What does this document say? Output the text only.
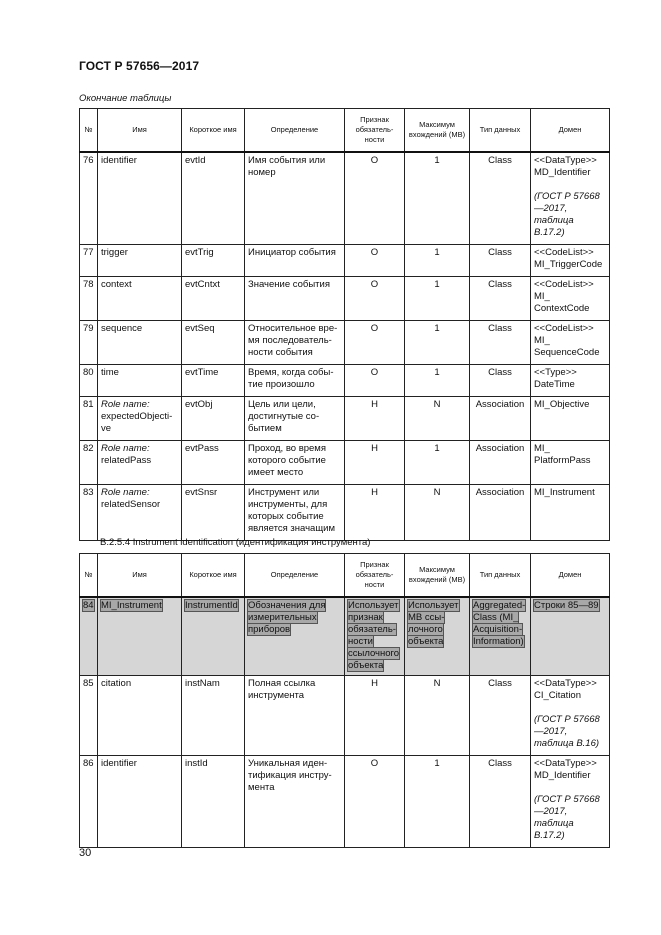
ГОСТ Р 57656—2017
Окончание таблицы
№	Имя	Короткое имя	Определение	Признак обязатель- ности	Максимум вхождений (MB)	Тип данных	Домен
76	identifier	evtId	Имя события или номер	O	1	Class	<<DataType>> MD_Identifier
(ГОСТ Р 57668—2017, таблица B.17.2)

77	trigger	evtTrig	Инициатор события	O	1	Class	<<CodeList>> MI_TriggerCode
78	context	evtCntxt	Значение события	O	1	Class	<<CodeList>> MI_ ContextCode
79	sequence	evtSeq	Относительное вре- мя последователь- ности события	O	1	Class	<<CodeList>> MI_ SequenceCode
80	time	evtTime	Время, когда собы- тие произошло	O	1	Class	<<Type>> DateTime
81	Role name: expectedObjecti- ve	evtObj	Цель или цели, достигнутые со- бытием	H	N	Association	MI_Objective
82	Role name: relatedPass	evtPass	Проход, во время которого событие имеет место	H	1	Association	MI_ PlatformPass
83	Role name: relatedSensor	evtSnsr	Инструмент или инструменты, для которых событие является значащим	H	N	Association	MI_Instrument
B.2.5.4 Instrument identification (идентификация инструмента)
№	Имя	Короткое имя	Определение	Признак обязатель- ности	Максимум вхождений (MB)	Тип данных	Домен
84	MI_Instrument	InstrumentId	Обозначения для измерительных приборов	Использует признак обязатель- ности ссылочного объекта	Использует MB ссы- лочного объекта	Aggregated- Class (MI_ Acquisition- Information)	Строки 85—89
85	citation	instNam	Полная ссылка инструмента	H	N	Class	<<DataType>> CI_Citation
(ГОСТ Р 57668—2017, таблица B.16)

86	identifier	instId	Уникальная иден- тификация инстру- мента	O	1	Class	<<DataType>> MD_Identifier
(ГОСТ Р 57668—2017, таблица B.17.2)
30
